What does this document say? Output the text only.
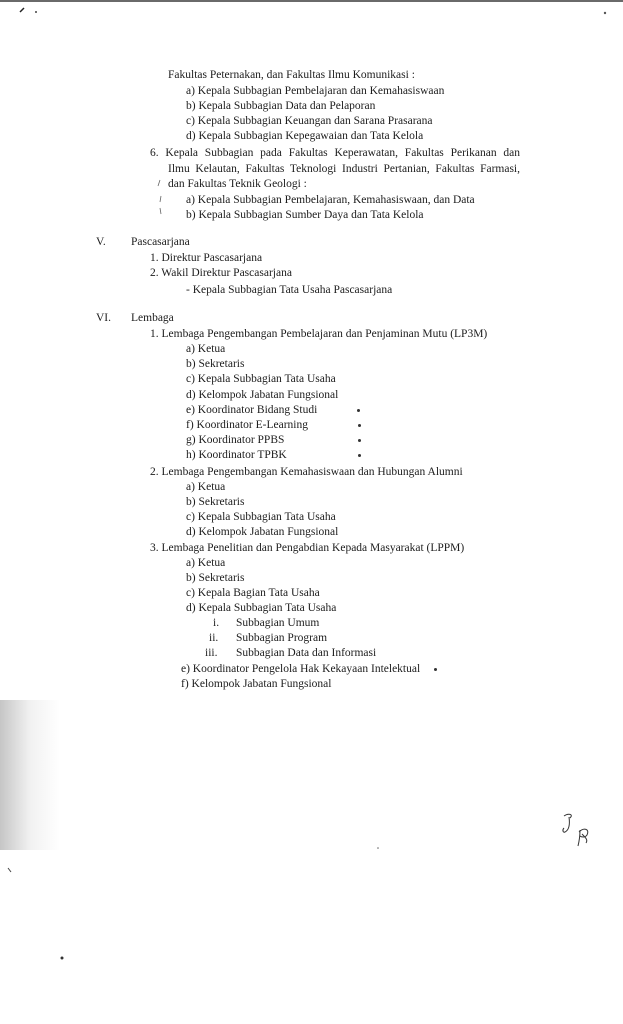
Fakultas Peternakan, dan Fakultas Ilmu Komunikasi :
a) Kepala Subbagian Pembelajaran dan Kemahasiswaan
b) Kepala Subbagian Data dan Pelaporan
c) Kepala Subbagian Keuangan dan Sarana Prasarana
d) Kepala Subbagian Kepegawaian dan Tata Kelola
6. Kepala Subbagian pada Fakultas Keperawatan, Fakultas Perikanan dan
Ilmu Kelautan, Fakultas Teknologi Industri Pertanian, Fakultas Farmasi,
dan Fakultas Teknik Geologi :
a) Kepala Subbagian Pembelajaran, Kemahasiswaan, dan Data
b) Kepala Subbagian Sumber Daya dan Tata Kelola
V. Pascasarjana
1. Direktur Pascasarjana
2. Wakil Direktur Pascasarjana
- Kepala Subbagian Tata Usaha Pascasarjana
VI. Lembaga
1. Lembaga Pengembangan Pembelajaran dan Penjaminan Mutu (LP3M)
a) Ketua
b) Sekretaris
c) Kepala Subbagian Tata Usaha
d) Kelompok Jabatan Fungsional
e) Koordinator Bidang Studi
f) Koordinator E-Learning
g) Koordinator PPBS
h) Koordinator TPBK
2. Lembaga Pengembangan Kemahasiswaan dan Hubungan Alumni
a) Ketua
b) Sekretaris
c) Kepala Subbagian Tata Usaha
d) Kelompok Jabatan Fungsional
3. Lembaga Penelitian dan Pengabdian Kepada Masyarakat (LPPM)
a) Ketua
b) Sekretaris
c) Kepala Bagian Tata Usaha
d) Kepala Subbagian Tata Usaha
i. Subbagian Umum
ii. Subbagian Program
iii. Subbagian Data dan Informasi
e) Koordinator Pengelola Hak Kekayaan Intelektual
f) Kelompok Jabatan Fungsional
